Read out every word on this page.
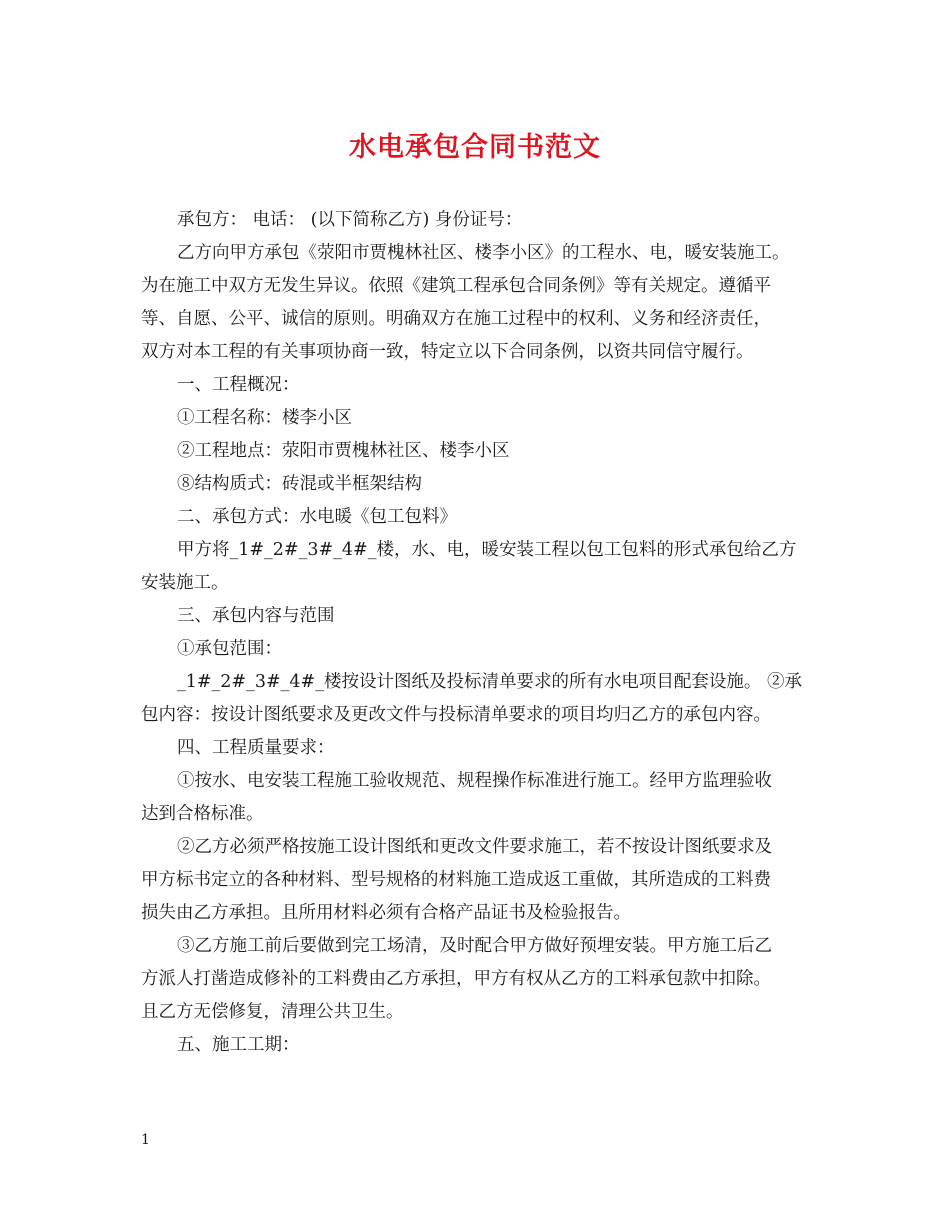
水电承包合同书范文
承包方： 电话： (以下简称乙方) 身份证号：
乙方向甲方承包《荥阳市贾槐林社区、楼李小区》的工程水、电，暖安装施工。
为在施工中双方无发生异议。依照《建筑工程承包合同条例》等有关规定。遵循平
等、自愿、公平、诚信的原则。明确双方在施工过程中的权利、义务和经济责任，
双方对本工程的有关事项协商一致，特定立以下合同条例，以资共同信守履行。
一、工程概况：
①工程名称：楼李小区
②工程地点：荥阳市贾槐林社区、楼李小区
⑧结构质式：砖混或半框架结构
二、承包方式：水电暖《包工包料》
甲方将_1#_2#_3#_4#_楼，水、电，暖安装工程以包工包料的形式承包给乙方
安装施工。
三、承包内容与范围
①承包范围：
_1#_2#_3#_4#_楼按设计图纸及投标清单要求的所有水电项目配套设施。 ②承
包内容：按设计图纸要求及更改文件与投标清单要求的项目均归乙方的承包内容。
四、工程质量要求：
①按水、电安装工程施工验收规范、规程操作标准进行施工。经甲方监理验收
达到合格标准。
②乙方必须严格按施工设计图纸和更改文件要求施工，若不按设计图纸要求及
甲方标书定立的各种材料、型号规格的材料施工造成返工重做，其所造成的工料费
损失由乙方承担。且所用材料必须有合格产品证书及检验报告。
③乙方施工前后要做到完工场清，及时配合甲方做好预埋安装。甲方施工后乙
方派人打凿造成修补的工料费由乙方承担，甲方有权从乙方的工料承包款中扣除。
且乙方无偿修复，清理公共卫生。
五、施工工期：
1
